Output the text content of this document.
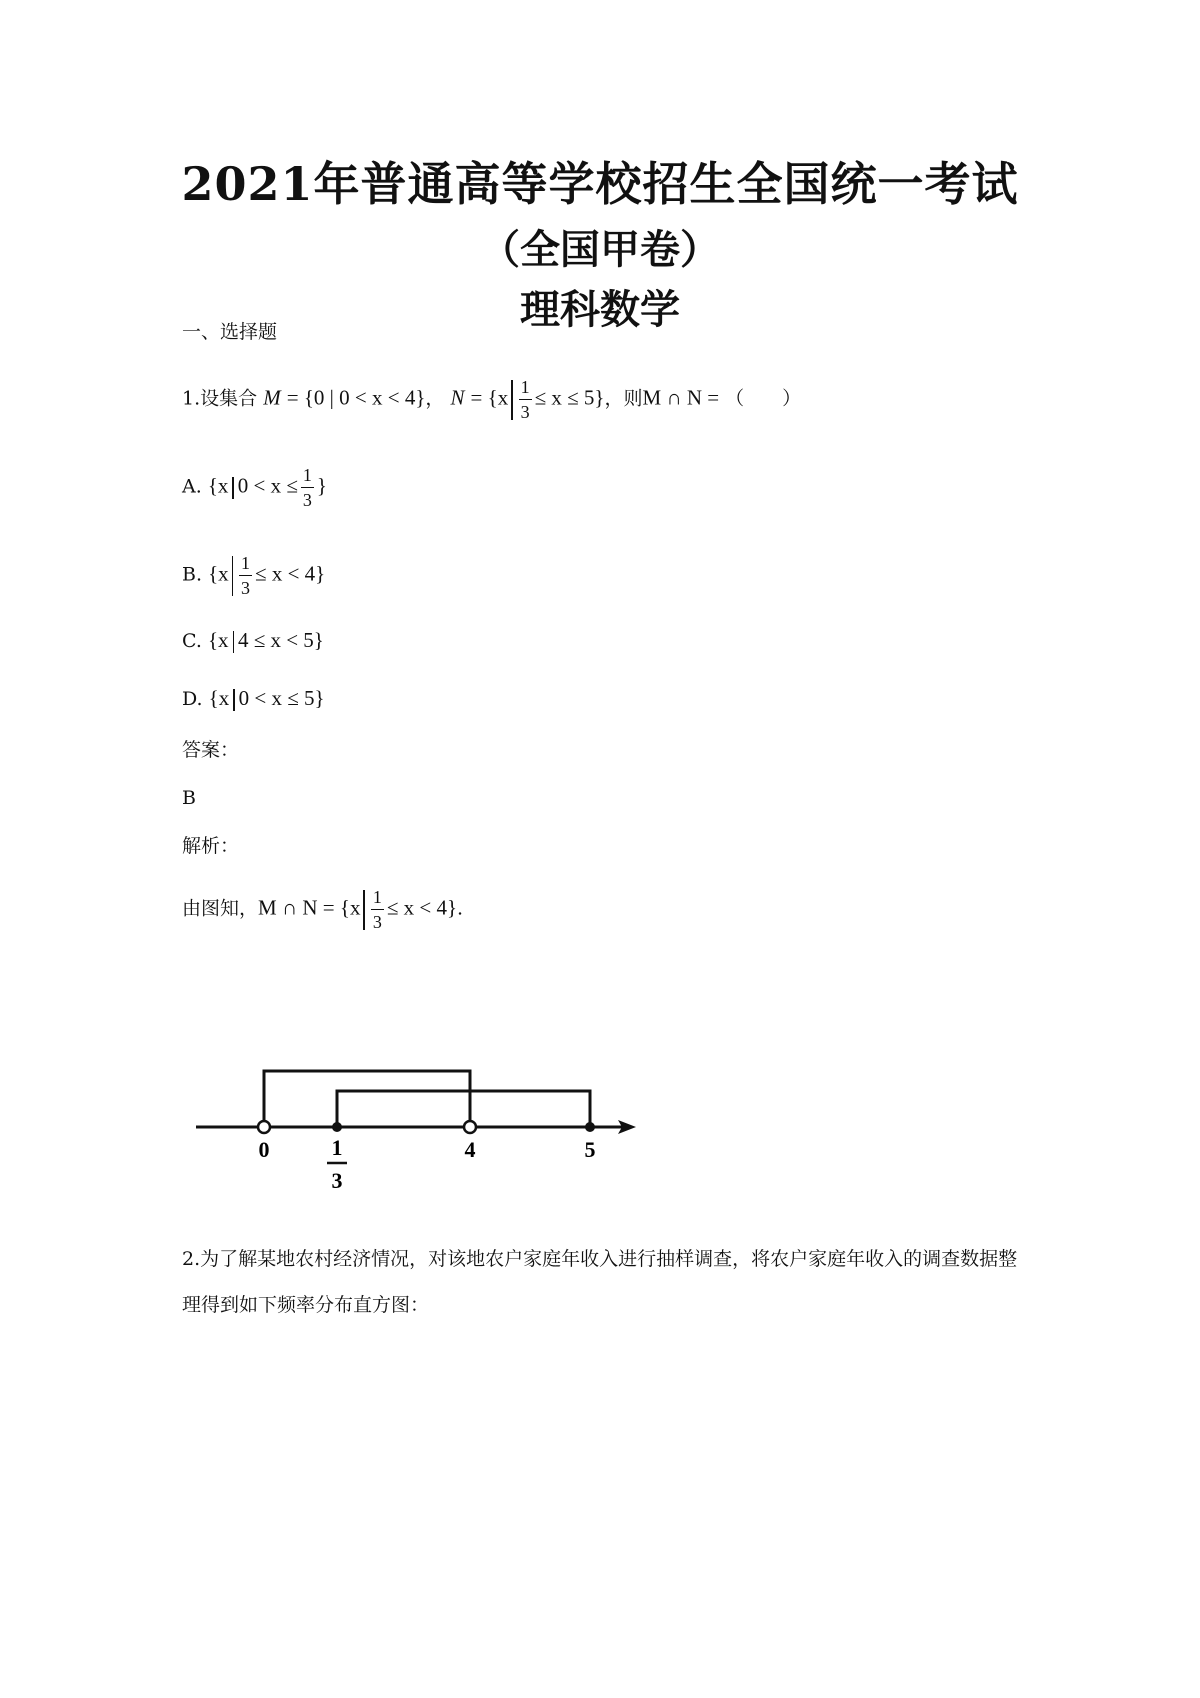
2021年普通高等学校招生全国统一考试
（全国甲卷）
理科数学
一、选择题
1.设集合 M = {0 | 0 < x < 4}， $N = \{x \frac{1}{3} \le x \le 5\}$，则M ∩ N = （　　）
A. {x $0 < x \le \frac{1}{3}$ }
B. $\{x \frac{1}{3} \le x < 4\}$
C. {x 4 ≤ x < 5}
D. {x 0 < x ≤ 5}
答案：
B
解析：
由图知，M ∩ $N = \{x \frac{1}{3} \le x < 4\}$.
0	1
3
4	5
2.为了解某地农村经济情况，对该地农户家庭年收入进行抽样调查，将农户家庭年收入的调查数据整理得到如下频率分布直方图：
